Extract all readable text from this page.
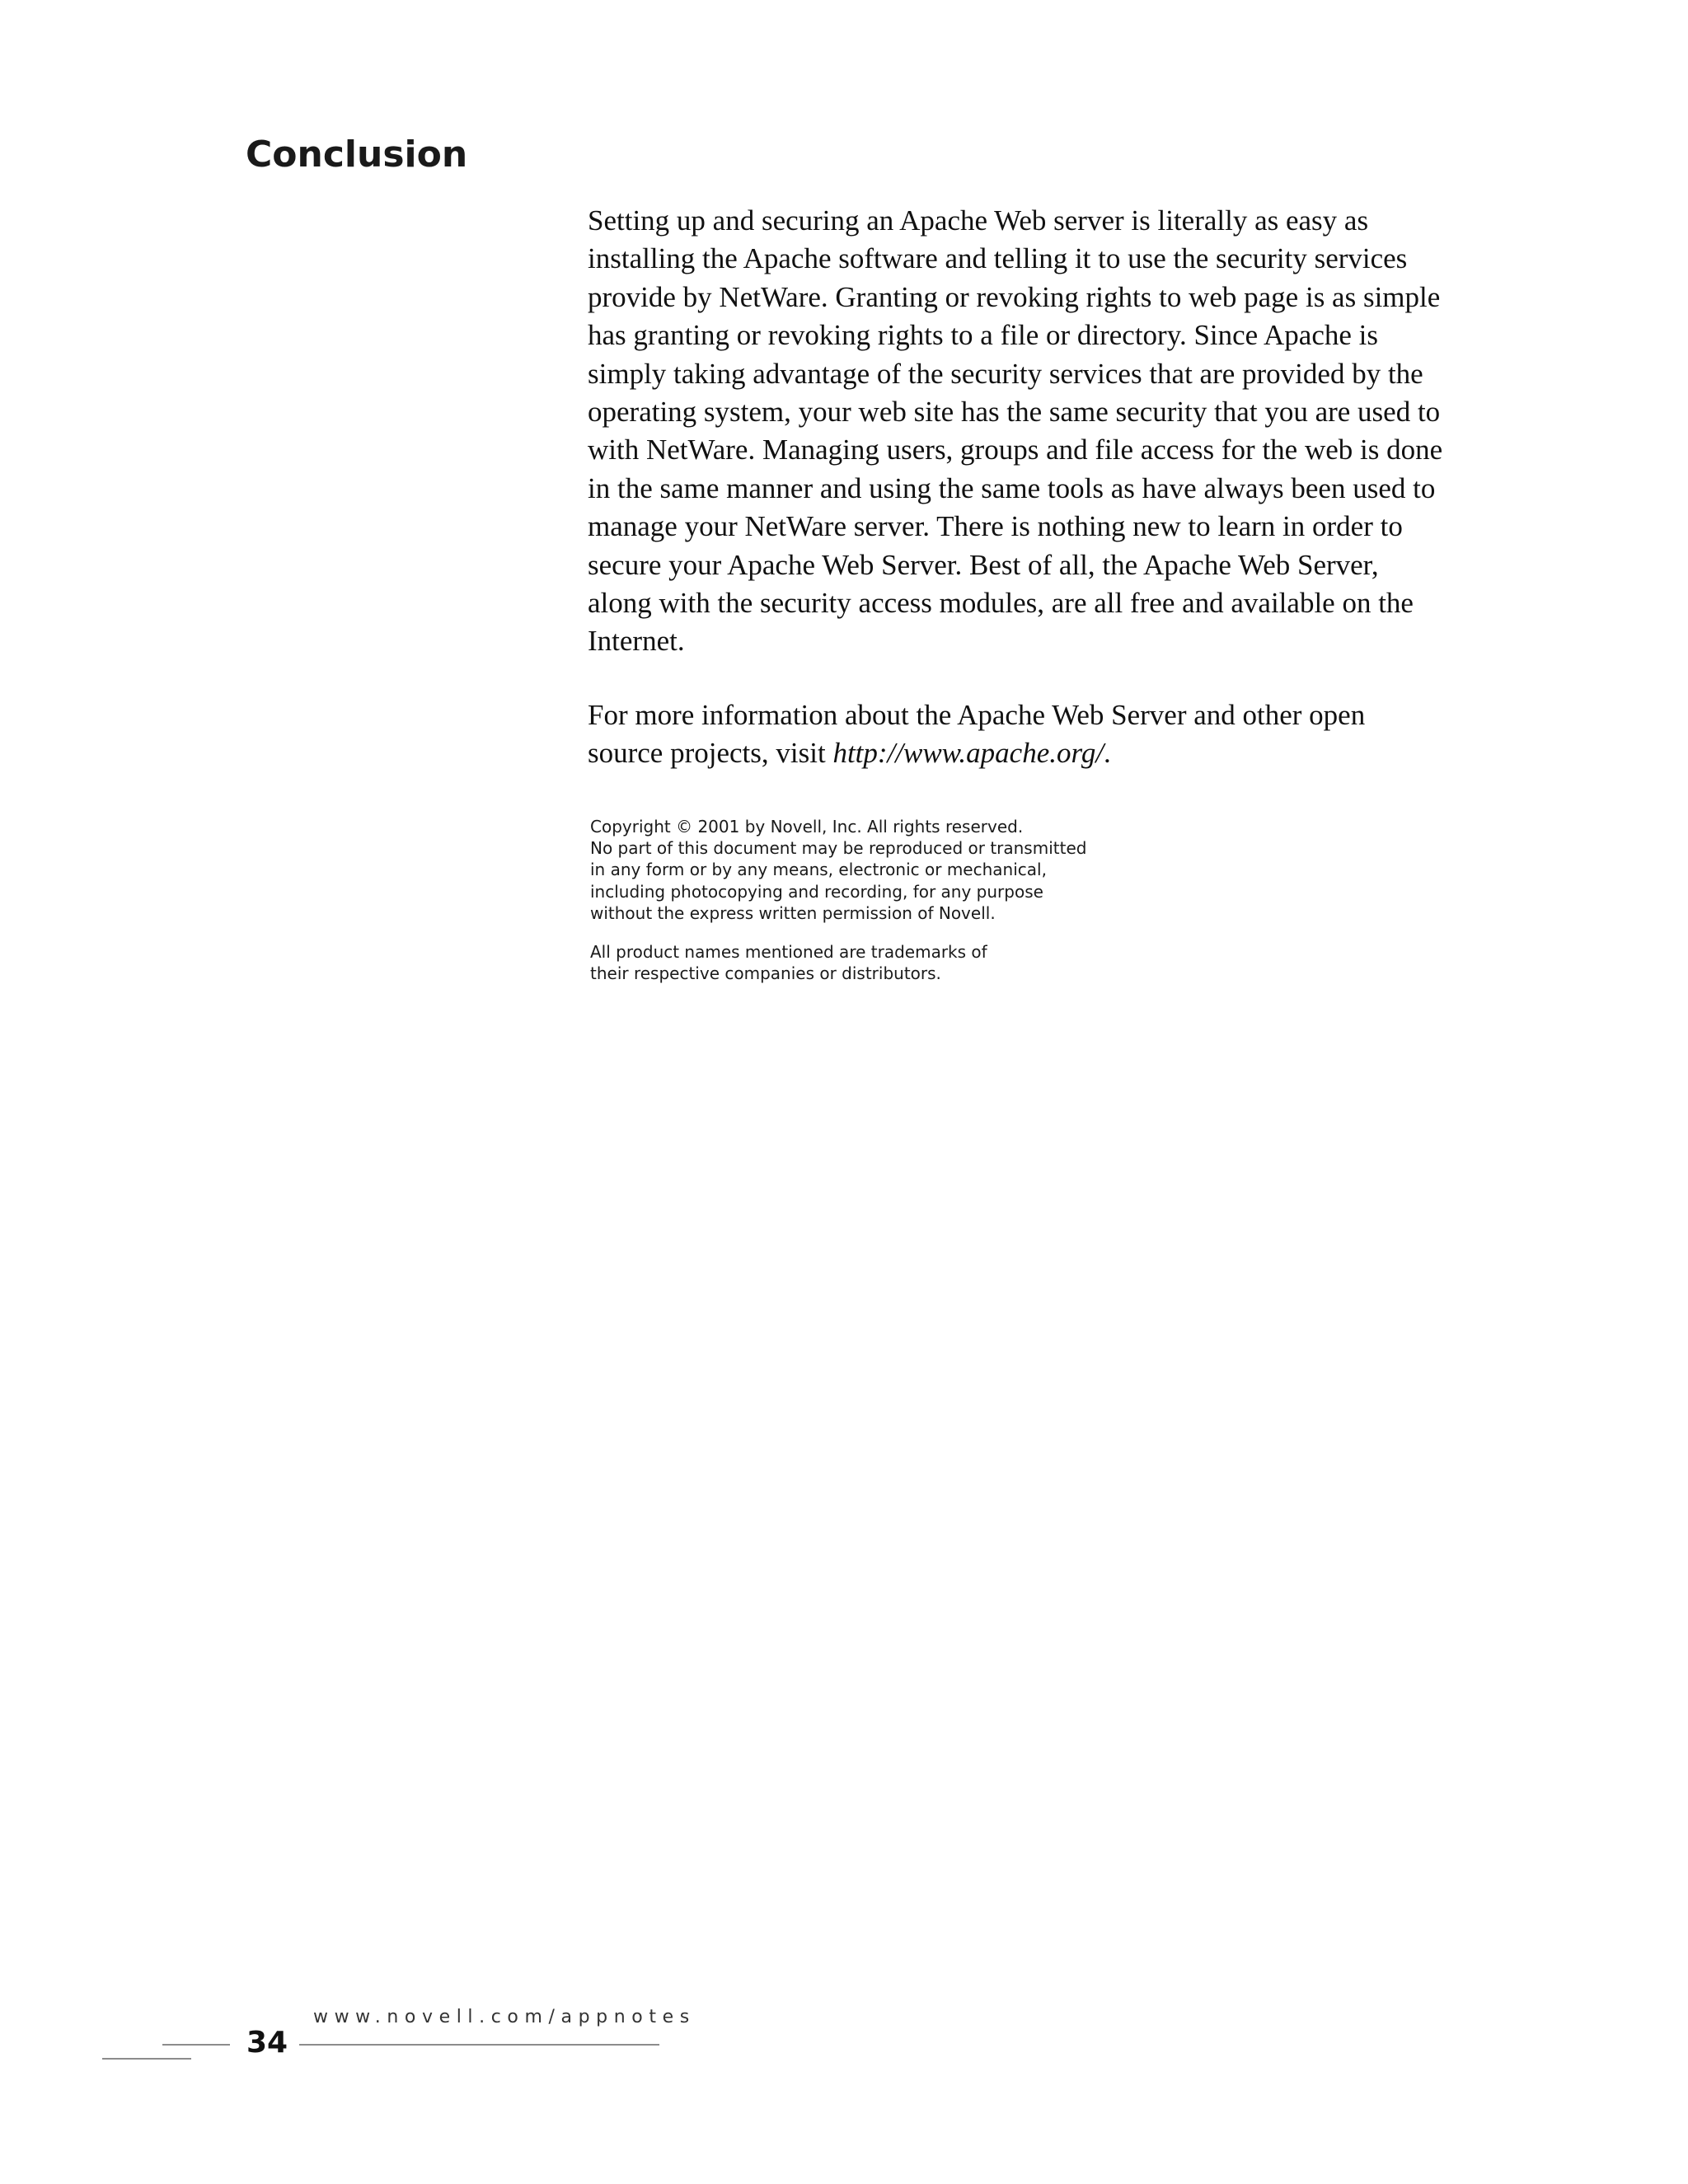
Conclusion

Setting up and securing an Apache Web server is literally as easy as installing the Apache software and telling it to use the security services provide by NetWare. Granting or revoking rights to web page is as simple has granting or revoking rights to a file or directory. Since Apache is simply taking advantage of the security services that are provided by the operating system, your web site has the same security that you are used to with NetWare. Managing users, groups and file access for the web is done in the same manner and using the same tools as have always been used to manage your NetWare server. There is nothing new to learn in order to secure your Apache Web Server. Best of all, the Apache Web Server, along with the security access modules, are all free and available on the Internet.

For more information about the Apache Web Server and other open source projects, visit http://www.apache.org/.

Copyright © 2001 by Novell, Inc. All rights reserved.
No part of this document may be reproduced or transmitted
in any form or by any means, electronic or mechanical,
including photocopying and recording, for any purpose
without the express written permission of Novell.

All product names mentioned are trademarks of
their respective companies or distributors.

34
www.novell.com/appnotes
